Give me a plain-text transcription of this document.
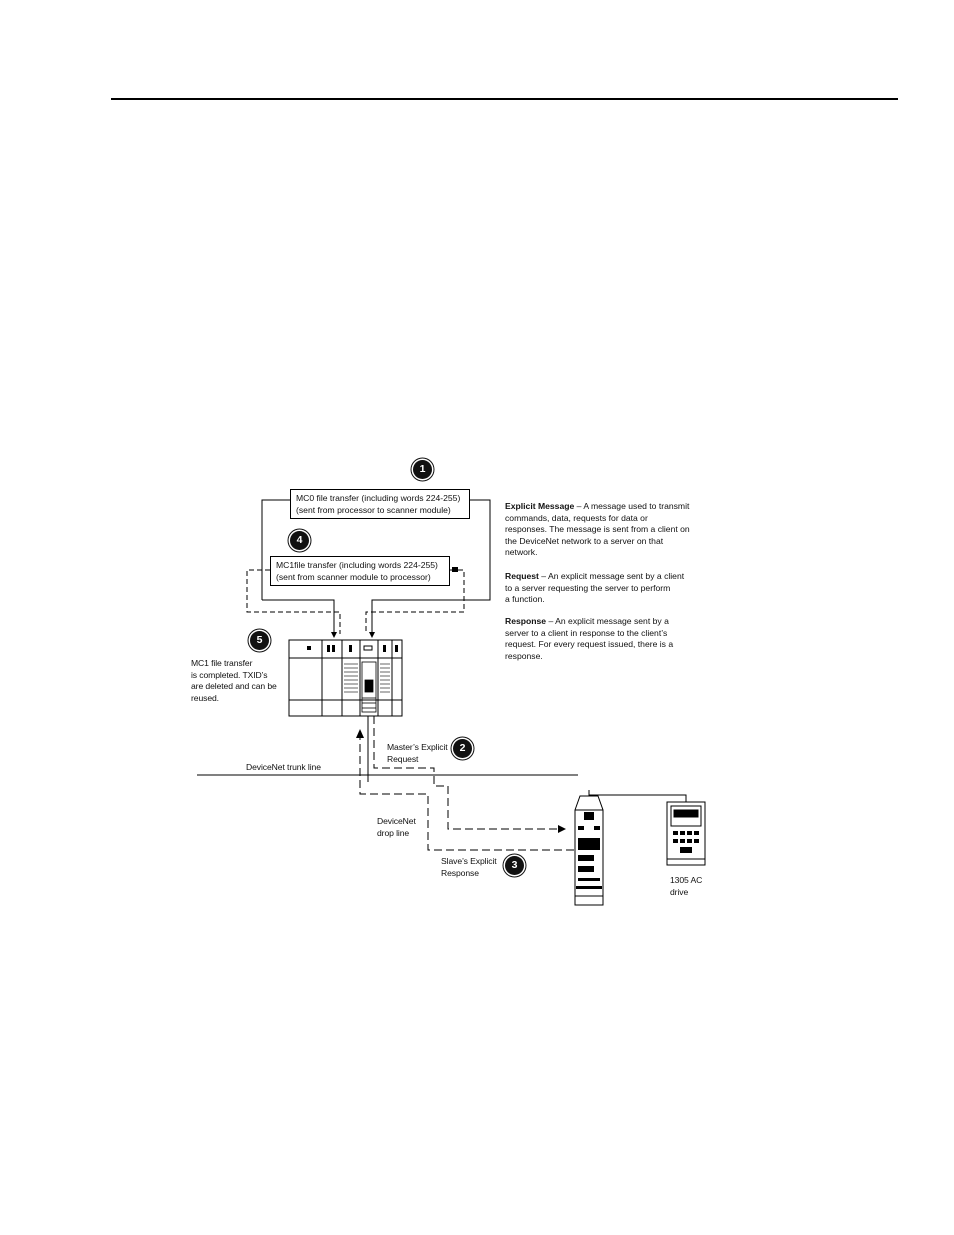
MC0 file transfer (including words 224-255)
(sent from processor to scanner module)
MC1file transfer (including words 224-255)
(sent from scanner module to processor)
1
4
5
2
3
MC1 file transfer
is completed. TXID’s
are deleted and can be
reused.
Master’s Explicit
Request
DeviceNet trunk line
DeviceNet
drop line
Slave’s Explicit
Response
1305 AC
drive
Explicit Message – A message used to transmit
commands, data, requests for data or
responses. The message is sent from a client on
the DeviceNet network to a server on that
network.
Request – An explicit message sent by a client
to a server requesting the server to perform
a function.
Response – An explicit message sent by a
server to a client in response to the client’s
request. For every request issued, there is a
response.
